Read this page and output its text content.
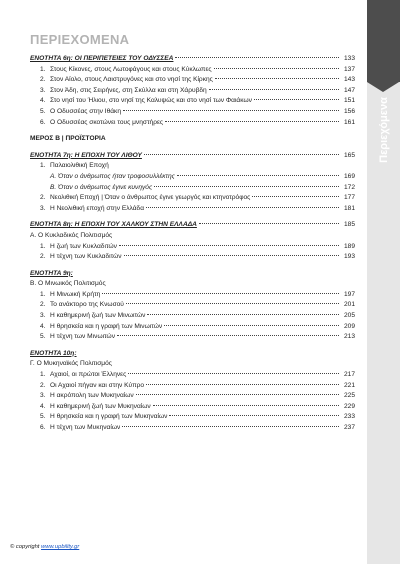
ΠΕΡΙΕΧΟΜΕΝΑ
Περιεχόμενα
ΕΝΟΤΗΤΑ 6η: ΟΙ ΠΕΡΙΠΕΤΕΙΕΣ ΤΟΥ ΟΔΥΣΣΕΑ	133
1. Στους Κίκονες, στους Λωτοφάγους και στους Κύκλωπες	137
2. Στον Αίολο, στους Λαιστρυγόνες και στο νησί της Κίρκης	143
3. Στον Άδη, στις Σειρήνες, στη Σκύλλα και στη Χάρυβδη	147
4. Στο νησί του Ήλιου, στο νησί της Καλυψώς και στο νησί των Φαιάκων	151
5. Ο Οδυσσέας στην Ιθάκη	156
6. Ο Οδυσσέας σκοτώνει τους μνηστήρες	161
ΜΕΡΟΣ Β | ΠΡΟΪΣΤΟΡΙΑ
ΕΝΟΤΗΤΑ 7η: Η ΕΠΟΧΗ ΤΟΥ ΛΙΘΟΥ	165
1. Παλαιολιθική Εποχή
A. Όταν ο άνθρωπος ήταν τροφοσυλλέκτης	169
B. Όταν ο άνθρωπος έγινε κυνηγός	172
2. Νεολιθική Εποχή | Όταν ο άνθρωπος έγινε γεωργός και κτηνοτρόφος	177
3. Η Νεολιθική εποχή στην Ελλάδα	181
ΕΝΟΤΗΤΑ 8η: Η ΕΠΟΧΗ ΤΟΥ ΧΑΛΚΟΥ ΣΤΗΝ ΕΛΛΑΔΑ	185
Α. Ο Κυκλαδικός Πολιτισμός
1. Η ζωή των Κυκλαδιτών	189
2. Η τέχνη των Κυκλαδιτών	193
ΕΝΟΤΗΤΑ 9η:
Β. Ο Μινωικός Πολιτισμός
1. Η Μινωική Κρήτη	197
2. Το ανάκτορο της Κνωσού	201
3. Η καθημερινή ζωή των Μινωιτών	205
4. Η θρησκεία και η γραφή των Μινωιτών	209
5. Η τέχνη των Μινωιτών	213
ΕΝΟΤΗΤΑ 10η:
Γ. Ο Μυκηναϊκός Πολιτισμός
1. Αχαιοί, οι πρώτοι Έλληνες	217
2. Οι Αχαιοί πήγαν και στην Κύπρο	221
3. Η ακρόπολη των Μυκηναίων	225
4. Η καθημερινή ζωή των Μυκηναίων	229
5. Η θρησκεία και η γραφή των Μυκηναίων	233
6. Η τέχνη των Μυκηναίων	237
© copyright www.upbility.gr
